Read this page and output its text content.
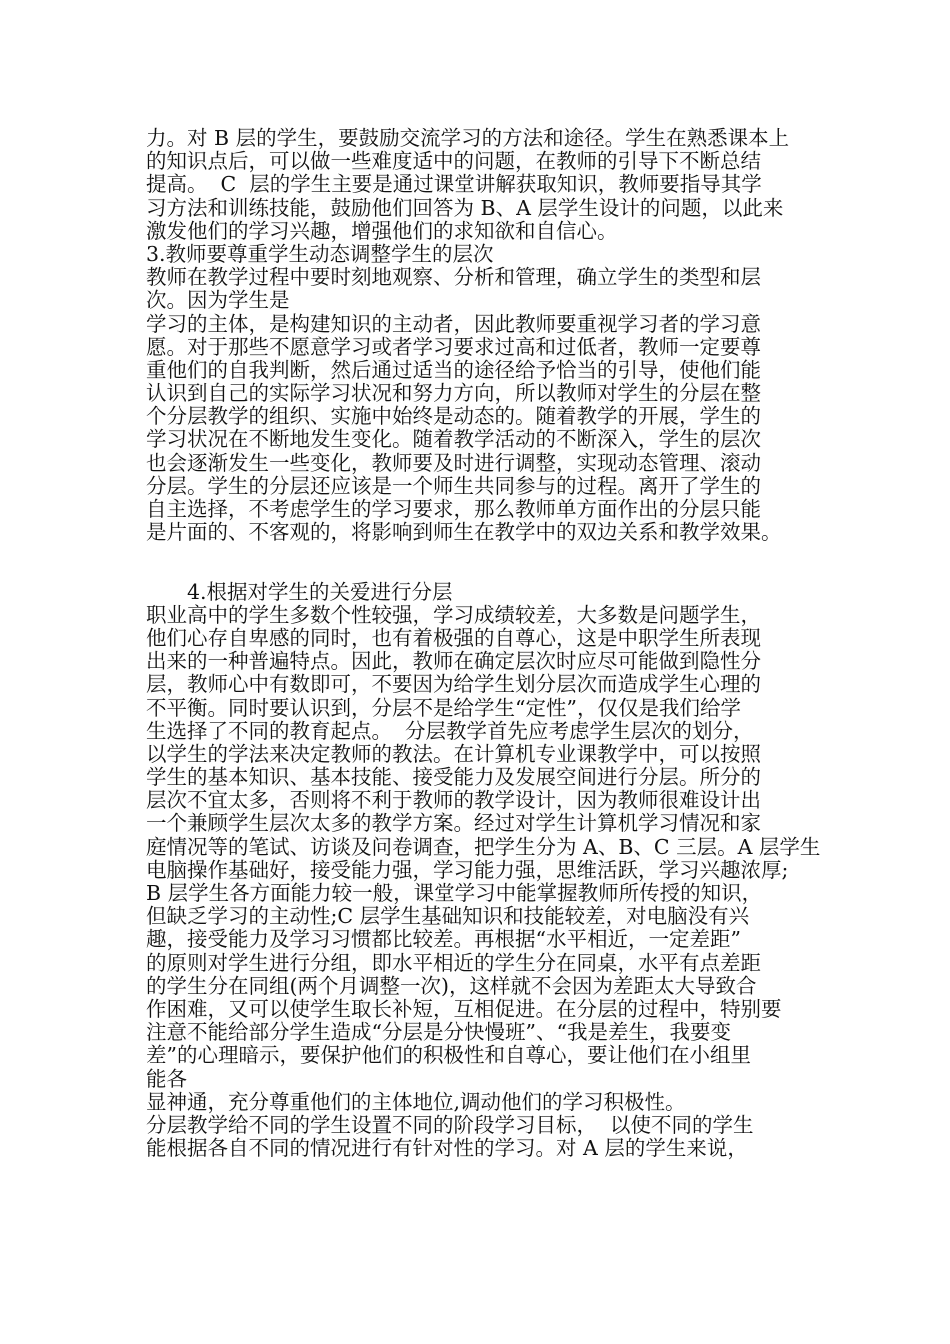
力。对 B 层的学生，要鼓励交流学习的方法和途径。学生在熟悉课本上
的知识点后，可以做一些难度适中的问题，在教师的引导下不断总结
提高。  C  层的学生主要是通过课堂讲解获取知识，教师要指导其学
习方法和训练技能，鼓励他们回答为 B、A 层学生设计的问题，以此来
激发他们的学习兴趣，增强他们的求知欲和自信心。
3.教师要尊重学生动态调整学生的层次
教师在教学过程中要时刻地观察、分析和管理，确立学生的类型和层
次。因为学生是
学习的主体，是构建知识的主动者，因此教师要重视学习者的学习意
愿。对于那些不愿意学习或者学习要求过高和过低者，教师一定要尊
重他们的自我判断，然后通过适当的途径给予恰当的引导，使他们能
认识到自己的实际学习状况和努力方向，所以教师对学生的分层在整
个分层教学的组织、实施中始终是动态的。随着教学的开展，学生的
学习状况在不断地发生变化。随着教学活动的不断深入，学生的层次
也会逐渐发生一些变化，教师要及时进行调整，实现动态管理、滚动
分层。学生的分层还应该是一个师生共同参与的过程。离开了学生的
自主选择，不考虑学生的学习要求，那么教师单方面作出的分层只能
是片面的、不客观的，将影响到师生在教学中的双边关系和教学效果。
4.根据对学生的关爱进行分层
职业高中的学生多数个性较强，学习成绩较差，大多数是问题学生，
他们心存自卑感的同时，也有着极强的自尊心，这是中职学生所表现
出来的一种普遍特点。因此，教师在确定层次时应尽可能做到隐性分
层，教师心中有数即可，不要因为给学生划分层次而造成学生心理的
不平衡。同时要认识到，分层不是给学生“定性”，仅仅是我们给学
生选择了不同的教育起点。  分层教学首先应考虑学生层次的划分，
以学生的学法来决定教师的教法。在计算机专业课教学中，可以按照
学生的基本知识、基本技能、接受能力及发展空间进行分层。所分的
层次不宜太多，否则将不利于教师的教学设计，因为教师很难设计出
一个兼顾学生层次太多的教学方案。经过对学生计算机学习情况和家
庭情况等的笔试、访谈及问卷调查，把学生分为 A、B、C 三层。A 层学生
电脑操作基础好，接受能力强，学习能力强，思维活跃，学习兴趣浓厚;
B 层学生各方面能力较一般，课堂学习中能掌握教师所传授的知识，
但缺乏学习的主动性;C 层学生基础知识和技能较差，对电脑没有兴
趣，接受能力及学习习惯都比较差。再根据“水平相近，一定差距”
的原则对学生进行分组，即水平相近的学生分在同桌，水平有点差距
的学生分在同组(两个月调整一次)，这样就不会因为差距太大导致合
作困难，又可以使学生取长补短，互相促进。在分层的过程中，特别要
注意不能给部分学生造成“分层是分快慢班”、“我是差生，我要变
差”的心理暗示，要保护他们的积极性和自尊心，要让他们在小组里
能各
显神通，充分尊重他们的主体地位,调动他们的学习积极性。
分层教学给不同的学生设置不同的阶段学习目标，  以使不同的学生
能根据各自不同的情况进行有针对性的学习。对 A 层的学生来说，
